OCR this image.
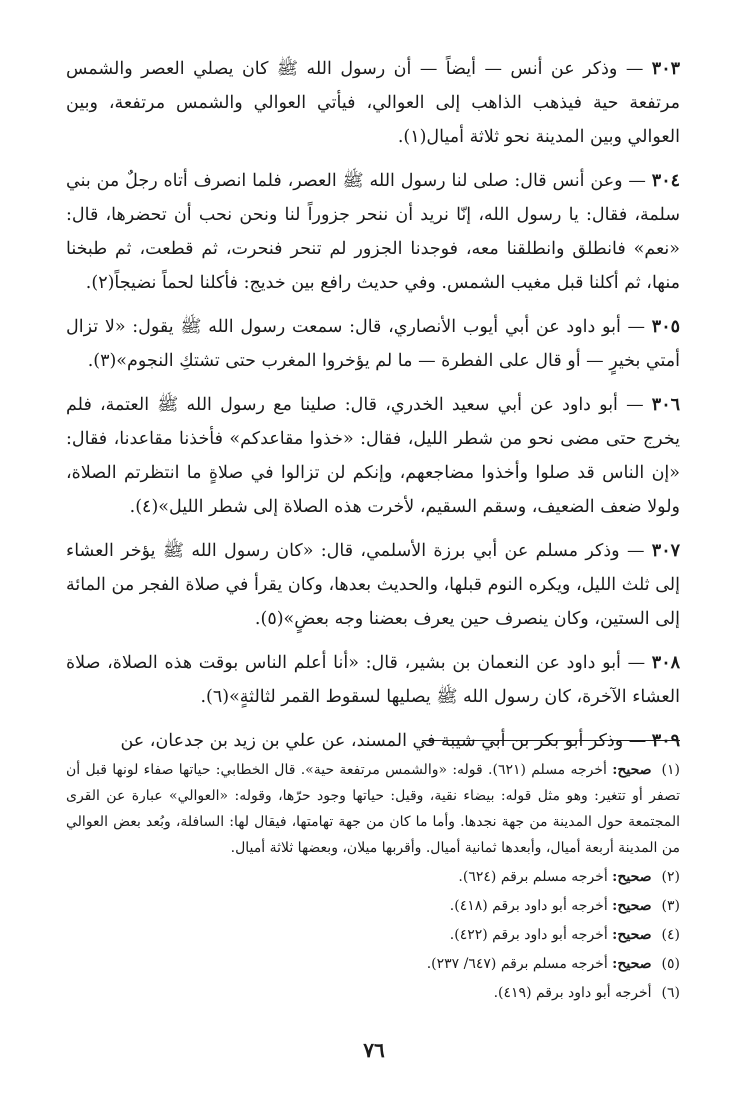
٣٠٣ — وذكر عن أنس — أيضاً — أن رسول الله ﷺ كان يصلي العصر والشمس مرتفعة حية فيذهب الذاهب إلى العوالي، فيأتي العوالي والشمس مرتفعة، وبين العوالي وبين المدينة نحو ثلاثة أميال(١).

٣٠٤ — وعن أنس قال: صلى لنا رسول الله ﷺ العصر، فلما انصرف أتاه رجلٌ من بني سلمة، فقال: يا رسول الله، إنّا نريد أن ننحر جزوراً لنا ونحن نحب أن تحضرها، قال: «نعم» فانطلق وانطلقنا معه، فوجدنا الجزور لم تنحر فنحرت، ثم قطعت، ثم طبخنا منها، ثم أكلنا قبل مغيب الشمس. وفي حديث رافع بين خديج: فأكلنا لحماً نضيجاً(٢).

٣٠٥ — أبو داود عن أبي أيوب الأنصاري، قال: سمعت رسول الله ﷺ يقول: «لا تزال أمتي بخيرٍ — أو قال على الفطرة — ما لم يؤخروا المغرب حتى تشتكِ النجوم»(٣).

٣٠٦ — أبو داود عن أبي سعيد الخدري، قال: صلينا مع رسول الله ﷺ العتمة، فلم يخرج حتى مضى نحو من شطر الليل، فقال: «خذوا مقاعدكم» فأخذنا مقاعدنا، فقال: «إن الناس قد صلوا وأخذوا مضاجعهم، وإنكم لن تزالوا في صلاةٍ ما انتظرتم الصلاة، ولولا ضعف الضعيف، وسقم السقيم، لأخرت هذه الصلاة إلى شطر الليل»(٤).

٣٠٧ — وذكر مسلم عن أبي برزة الأسلمي، قال: «كان رسول الله ﷺ يؤخر العشاء إلى ثلث الليل، ويكره النوم قبلها، والحديث بعدها، وكان يقرأ في صلاة الفجر من المائة إلى الستين، وكان ينصرف حين يعرف بعضنا وجه بعضٍ»(٥).

٣٠٨ — أبو داود عن النعمان بن بشير، قال: «أنا أعلم الناس بوقت هذه الصلاة، صلاة العشاء الآخرة، كان رسول الله ﷺ يصليها لسقوط القمر لثالثةٍ»(٦).

٣٠٩ — وذكر أبو بكر بن أبي شيبة في المسند، عن علي بن زيد بن جدعان، عن

(١)صحيح: أخرجه مسلم (٦٢١). قوله: «والشمس مرتفعة حية». قال الخطابي: حياتها صفاء لونها قبل أن تصفر أو تتغير: وهو مثل قوله: بيضاء نقية، وقيل: حياتها وجود حرّها، وقوله: «العوالي» عبارة عن القرى المجتمعة حول المدينة من جهة نجدها. وأما ما كان من جهة تهامتها، فيقال لها: السافلة، وبُعد بعض العوالي من المدينة أربعة أميال، وأبعدها ثمانية أميال. وأقربها ميلان، وبعضها ثلاثة أميال.

(٢)صحيح: أخرجه مسلم برقم (٦٢٤).

(٣)صحيح: أخرجه أبو داود برقم (٤١٨).

(٤)صحيح: أخرجه أبو داود برقم (٤٢٢).

(٥)صحيح: أخرجه مسلم برقم (٦٤٧/ ٢٣٧).

(٦)أخرجه أبو داود برقم (٤١٩).

٧٦
